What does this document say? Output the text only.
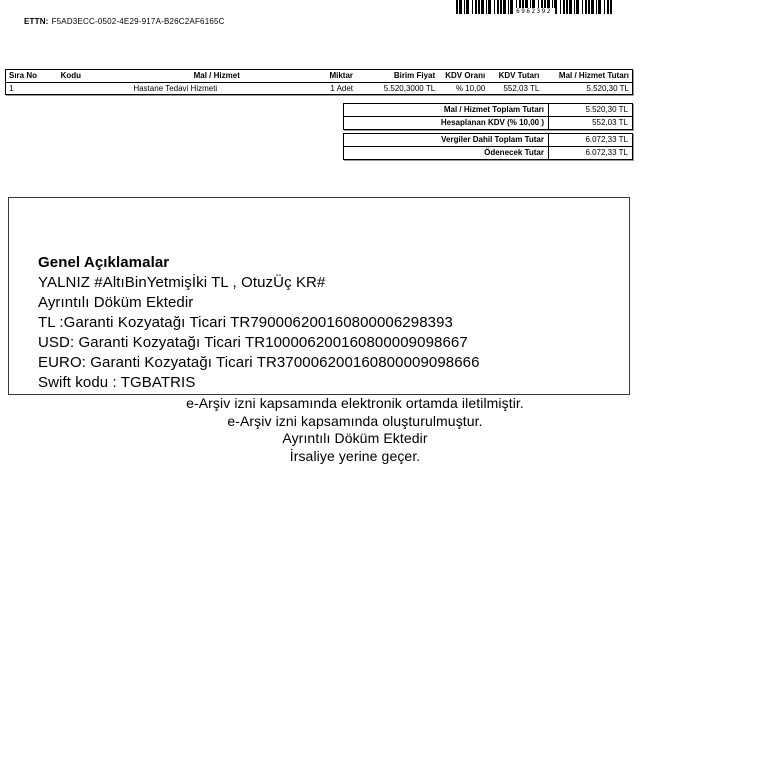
ETTN: F5AD3ECC-0502-4E29-917A-B26C2AF6165C
6962392
Sıra No	Kodu	Mal / Hizmet	Miktar	Birim Fiyat	KDV Oranı	KDV Tutarı	Mal / Hizmet Tutarı
1		Hastane Tedavi Hizmeti	1 Adet	5.520,3000 TL	% 10,00	552,03 TL	5.520,30 TL
Mal / Hizmet Toplam Tutarı	5.520,30 TL
Hesaplanan KDV (% 10,00 )	552,03 TL
Vergiler Dahil Toplam Tutar	6.072,33 TL
Ödenecek Tutar	6.072,33 TL
Genel Açıklamalar
YALNIZ #AltıBinYetmişİki TL , OtuzÜç KR#
Ayrıntılı Döküm Ektedir
TL :Garanti Kozyatağı Ticari TR790006200160800006298393
USD: Garanti Kozyatağı Ticari TR100006200160800009098667
EURO: Garanti Kozyatağı Ticari TR370006200160800009098666
Swift kodu : TGBATRIS
e-Arşiv izni kapsamında elektronik ortamda iletilmiştir.
e-Arşiv izni kapsamında oluşturulmuştur.
Ayrıntılı Döküm Ektedir
İrsaliye yerine geçer.
